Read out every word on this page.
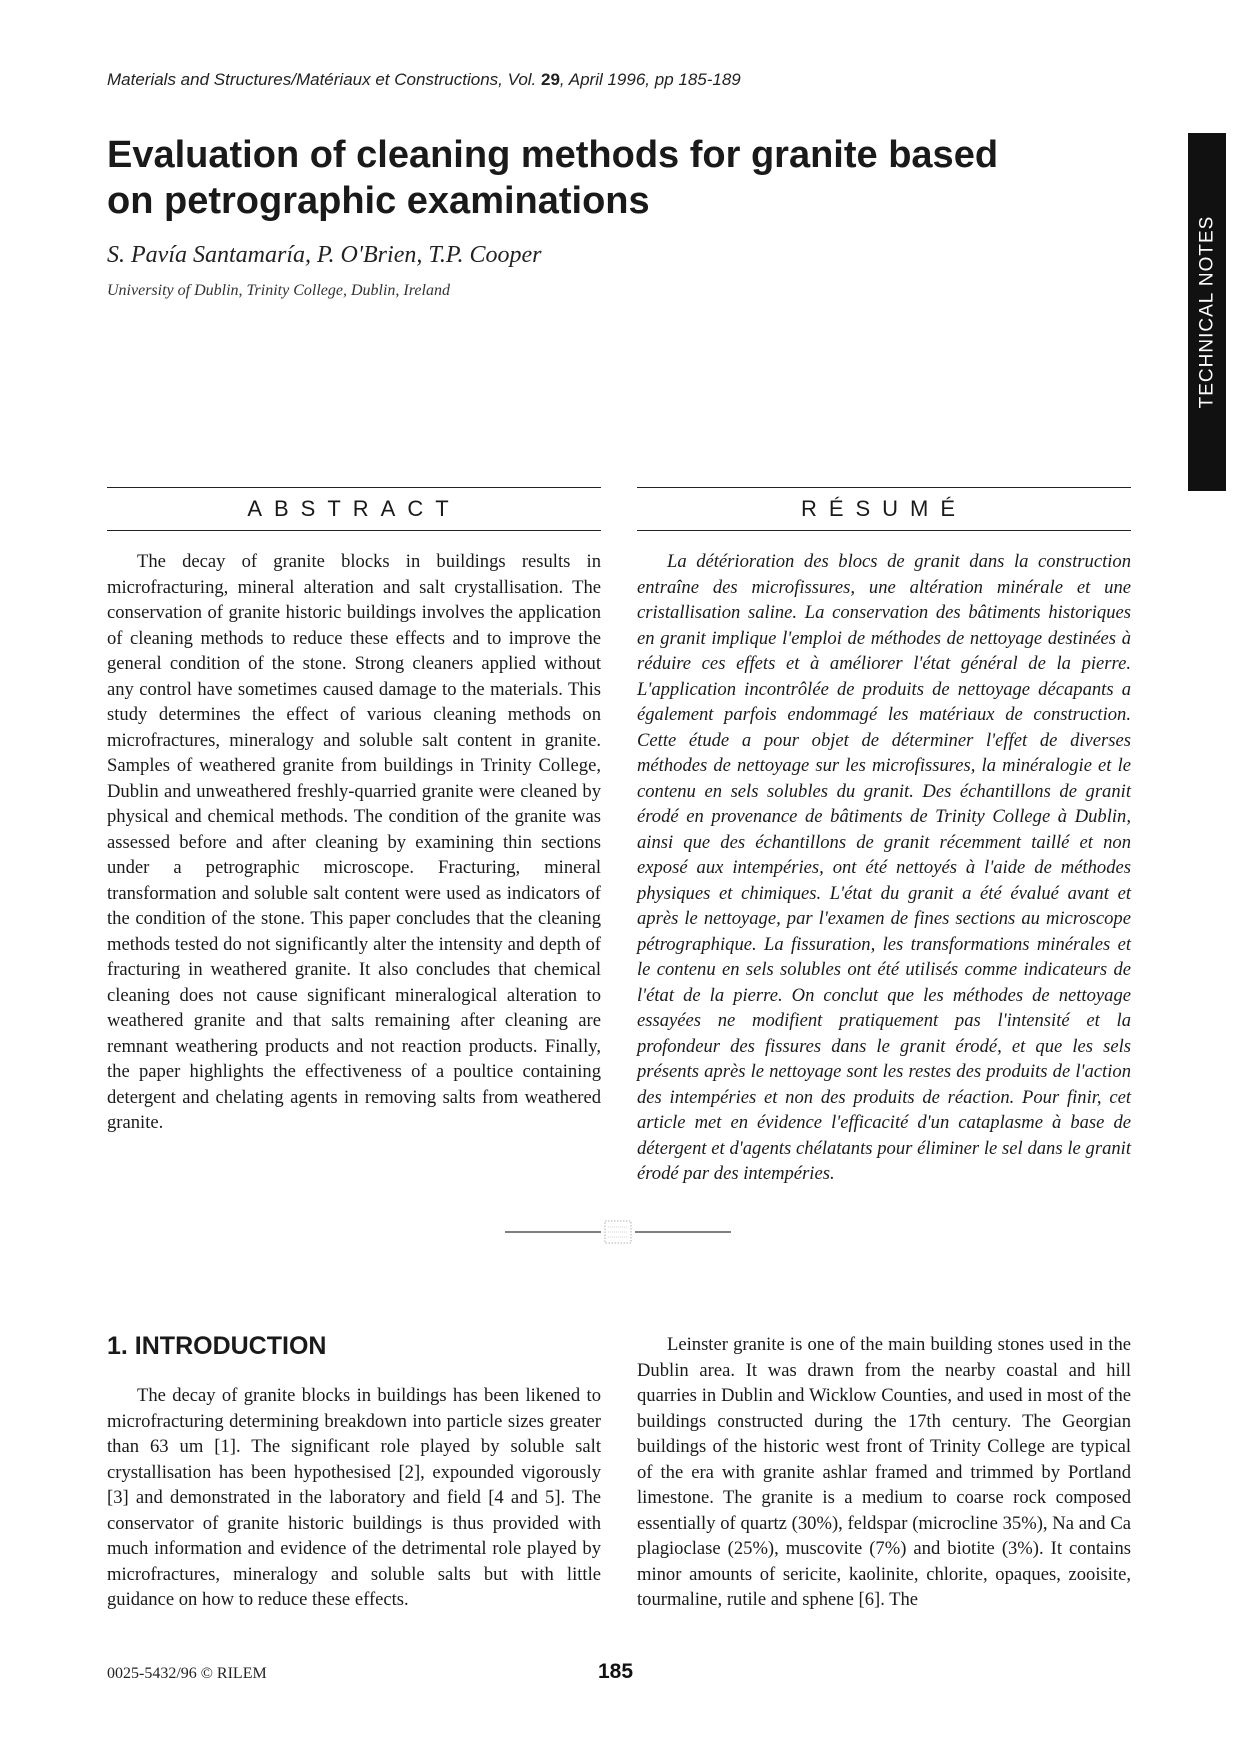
Materials and Structures/Matériaux et Constructions, Vol. 29, April 1996, pp 185-189
Evaluation of cleaning methods for granite based on petrographic examinations
S. Pavía Santamaría, P. O'Brien, T.P. Cooper
University of Dublin, Trinity College, Dublin, Ireland	TECHNICAL NOTES
ABSTRACT	RÉSUMÉ

The decay of granite blocks in buildings results in microfracturing, mineral alteration and salt crystallisation. The conservation of granite historic buildings involves the application of cleaning methods to reduce these effects and to improve the general condition of the stone. Strong cleaners applied without any control have sometimes caused damage to the materials. This study determines the effect of various cleaning methods on microfractures, mineralogy and soluble salt content in granite. Samples of weathered granite from buildings in Trinity College, Dublin and unweathered freshly-quarried granite were cleaned by physical and chemical methods. The condition of the granite was assessed before and after cleaning by examining thin sections under a petrographic microscope. Fracturing, mineral transformation and soluble salt content were used as indicators of the condition of the stone. This paper concludes that the cleaning methods tested do not significantly alter the intensity and depth of fracturing in weathered granite. It also concludes that chemical cleaning does not cause significant mineralogical alteration to weathered granite and that salts remaining after cleaning are remnant weathering products and not reaction products. Finally, the paper highlights the effectiveness of a poultice containing detergent and chelating agents in removing salts from weathered granite.

La détérioration des blocs de granit dans la construction entraîne des microfissures, une altération minérale et une cristallisation saline. La conservation des bâtiments historiques en granit implique l'emploi de méthodes de nettoyage destinées à réduire ces effets et à améliorer l'état général de la pierre. L'application incontrôlée de produits de nettoyage décapants a également parfois endommagé les matériaux de construction. Cette étude a pour objet de déterminer l'effet de diverses méthodes de nettoyage sur les microfissures, la minéralogie et le contenu en sels solubles du granit. Des échantillons de granit érodé en provenance de bâtiments de Trinity College à Dublin, ainsi que des échantillons de granit récemment taillé et non exposé aux intempéries, ont été nettoyés à l'aide de méthodes physiques et chimiques. L'état du granit a été évalué avant et après le nettoyage, par l'examen de fines sections au microscope pétrographique. La fissuration, les transformations minérales et le contenu en sels solubles ont été utilisés comme indicateurs de l'état de la pierre. On conclut que les méthodes de nettoyage essayées ne modifient pratiquement pas l'intensité et la profondeur des fissures dans le granit érodé, et que les sels présents après le nettoyage sont les restes des produits de l'action des intempéries et non des produits de réaction. Pour finir, cet article met en évidence l'efficacité d'un cataplasme à base de détergent et d'agents chélatants pour éliminer le sel dans le granit érodé par des intempéries.

1. INTRODUCTION

The decay of granite blocks in buildings has been likened to microfracturing determining breakdown into particle sizes greater than 63 um [1]. The significant role played by soluble salt crystallisation has been hypothesised [2], expounded vigorously [3] and demonstrated in the laboratory and field [4 and 5]. The conservator of granite historic buildings is thus provided with much information and evidence of the detrimental role played by microfractures, mineralogy and soluble salts but with little guidance on how to reduce these effects.

Leinster granite is one of the main building stones used in the Dublin area. It was drawn from the nearby coastal and hill quarries in Dublin and Wicklow Counties, and used in most of the buildings constructed during the 17th century. The Georgian buildings of the historic west front of Trinity College are typical of the era with granite ashlar framed and trimmed by Portland limestone. The granite is a medium to coarse rock composed essentially of quartz (30%), feldspar (microcline 35%), Na and Ca plagioclase (25%), muscovite (7%) and biotite (3%). It contains minor amounts of sericite, kaolinite, chlorite, opaques, zooisite, tourmaline, rutile and sphene [6]. The

0025-5432/96 © RILEM	185
